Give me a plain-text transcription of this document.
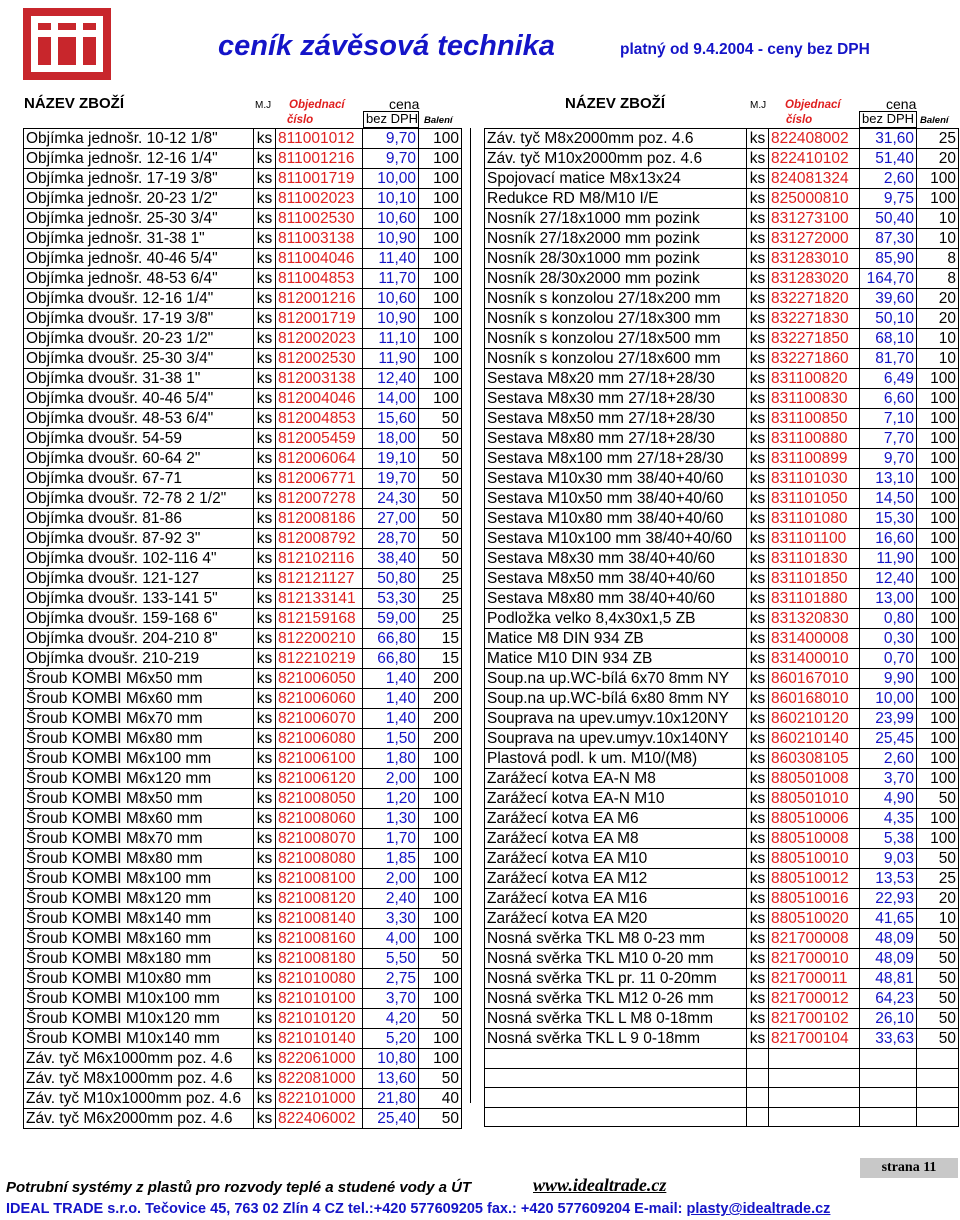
ceník závěsová technika	platný od 9.4.2004 - ceny bez DPH
NÁZEV ZBOŽÍ	M.J Objednací	cena
číslo	bez DPH Balení
NÁZEV ZBOŽÍ	M.J Objednací	cena
číslo	bez DPH Balení
Objímka jednošr. 10-12 1/8"	ks	811001012	9,70	100
Objímka jednošr. 12-16 1/4"	ks	811001216	9,70	100
Objímka jednošr. 17-19 3/8"	ks	811001719	10,00	100
Objímka jednošr. 20-23 1/2"	ks	811002023	10,10	100
Objímka jednošr. 25-30 3/4"	ks	811002530	10,60	100
Objímka jednošr. 31-38 1"	ks	811003138	10,90	100
Objímka jednošr. 40-46 5/4"	ks	811004046	11,40	100
Objímka jednošr. 48-53 6/4"	ks	811004853	11,70	100
Objímka dvoušr. 12-16 1/4"	ks	812001216	10,60	100
Objímka dvoušr. 17-19 3/8"	ks	812001719	10,90	100
Objímka dvoušr. 20-23 1/2"	ks	812002023	11,10	100
Objímka dvoušr. 25-30 3/4"	ks	812002530	11,90	100
Objímka dvoušr. 31-38 1"	ks	812003138	12,40	100
Objímka dvoušr. 40-46 5/4"	ks	812004046	14,00	100
Objímka dvoušr. 48-53 6/4"	ks	812004853	15,60	50
Objímka dvoušr. 54-59	ks	812005459	18,00	50
Objímka dvoušr. 60-64 2"	ks	812006064	19,10	50
Objímka dvoušr. 67-71	ks	812006771	19,70	50
Objímka dvoušr. 72-78 2 1/2"	ks	812007278	24,30	50
Objímka dvoušr. 81-86	ks	812008186	27,00	50
Objímka dvoušr. 87-92 3"	ks	812008792	28,70	50
Objímka dvoušr. 102-116 4"	ks	812102116	38,40	50
Objímka dvoušr. 121-127	ks	812121127	50,80	25
Objímka dvoušr. 133-141 5"	ks	812133141	53,30	25
Objímka dvoušr. 159-168 6"	ks	812159168	59,00	25
Objímka dvoušr. 204-210 8"	ks	812200210	66,80	15
Objímka dvoušr. 210-219	ks	812210219	66,80	15
Šroub KOMBI M6x50 mm	ks	821006050	1,40	200
Šroub KOMBI M6x60 mm	ks	821006060	1,40	200
Šroub KOMBI M6x70 mm	ks	821006070	1,40	200
Šroub KOMBI M6x80 mm	ks	821006080	1,50	200
Šroub KOMBI M6x100 mm	ks	821006100	1,80	100
Šroub KOMBI M6x120 mm	ks	821006120	2,00	100
Šroub KOMBI M8x50 mm	ks	821008050	1,20	100
Šroub KOMBI M8x60 mm	ks	821008060	1,30	100
Šroub KOMBI M8x70 mm	ks	821008070	1,70	100
Šroub KOMBI M8x80 mm	ks	821008080	1,85	100
Šroub KOMBI M8x100 mm	ks	821008100	2,00	100
Šroub KOMBI M8x120 mm	ks	821008120	2,40	100
Šroub KOMBI M8x140 mm	ks	821008140	3,30	100
Šroub KOMBI M8x160 mm	ks	821008160	4,00	100
Šroub KOMBI M8x180 mm	ks	821008180	5,50	50
Šroub KOMBI M10x80 mm	ks	821010080	2,75	100
Šroub KOMBI M10x100 mm	ks	821010100	3,70	100
Šroub KOMBI M10x120 mm	ks	821010120	4,20	50
Šroub KOMBI M10x140 mm	ks	821010140	5,20	100
Záv. tyč M6x1000mm poz. 4.6	ks	822061000	10,80	100
Záv. tyč M8x1000mm poz. 4.6	ks	822081000	13,60	50
Záv. tyč M10x1000mm poz. 4.6	ks	822101000	21,80	40
Záv. tyč M6x2000mm poz. 4.6	ks	822406002	25,40	50

Záv. tyč M8x2000mm poz. 4.6	ks	822408002	31,60	25
Záv. tyč M10x2000mm poz. 4.6	ks	822410102	51,40	20
Spojovací matice M8x13x24	ks	824081324	2,60	100
Redukce RD M8/M10 I/E	ks	825000810	9,75	100
Nosník 27/18x1000 mm pozink	ks	831273100	50,40	10
Nosník 27/18x2000 mm pozink	ks	831272000	87,30	10
Nosník 28/30x1000 mm pozink	ks	831283010	85,90	8
Nosník 28/30x2000 mm pozink	ks	831283020	164,70	8
Nosník s konzolou 27/18x200 mm	ks	832271820	39,60	20
Nosník s konzolou 27/18x300 mm	ks	832271830	50,10	20
Nosník s konzolou 27/18x500 mm	ks	832271850	68,10	10
Nosník s konzolou 27/18x600 mm	ks	832271860	81,70	10
Sestava M8x20 mm 27/18+28/30	ks	831100820	6,49	100
Sestava M8x30 mm 27/18+28/30	ks	831100830	6,60	100
Sestava M8x50 mm 27/18+28/30	ks	831100850	7,10	100
Sestava M8x80 mm 27/18+28/30	ks	831100880	7,70	100
Sestava M8x100 mm 27/18+28/30	ks	831100899	9,70	100
Sestava M10x30 mm 38/40+40/60	ks	831101030	13,10	100
Sestava M10x50 mm 38/40+40/60	ks	831101050	14,50	100
Sestava M10x80 mm 38/40+40/60	ks	831101080	15,30	100
Sestava M10x100 mm 38/40+40/60	ks	831101100	16,60	100
Sestava M8x30 mm 38/40+40/60	ks	831101830	11,90	100
Sestava M8x50 mm 38/40+40/60	ks	831101850	12,40	100
Sestava M8x80 mm 38/40+40/60	ks	831101880	13,00	100
Podložka velko 8,4x30x1,5 ZB	ks	831320830	0,80	100
Matice M8 DIN 934 ZB	ks	831400008	0,30	100
Matice M10 DIN 934 ZB	ks	831400010	0,70	100
Soup.na up.WC-bílá 6x70 8mm NY	ks	860167010	9,90	100
Soup.na up.WC-bílá 6x80 8mm NY	ks	860168010	10,00	100
Souprava na upev.umyv.10x120NY	ks	860210120	23,99	100
Souprava na upev.umyv.10x140NY	ks	860210140	25,45	100
Plastová podl. k um. M10/(M8)	ks	860308105	2,60	100
Zarážecí kotva EA-N M8	ks	880501008	3,70	100
Zarážecí kotva EA-N M10	ks	880501010	4,90	50
Zarážecí kotva EA M6	ks	880510006	4,35	100
Zarážecí kotva EA M8	ks	880510008	5,38	100
Zarážecí kotva EA M10	ks	880510010	9,03	50
Zarážecí kotva EA M12	ks	880510012	13,53	25
Zarážecí kotva EA M16	ks	880510016	22,93	20
Zarážecí kotva EA M20	ks	880510020	41,65	10
Nosná svěrka TKL M8 0-23 mm	ks	821700008	48,09	50
Nosná svěrka TKL M10 0-20 mm	ks	821700010	48,09	50
Nosná svěrka TKL pr. 11 0-20mm	ks	821700011	48,81	50
Nosná svěrka TKL M12 0-26 mm	ks	821700012	64,23	50
Nosná svěrka TKL L M8 0-18mm	ks	821700102	26,10	50
Nosná svěrka TKL L 9 0-18mm	ks	821700104	33,63	50

strana 11
Potrubní systémy z plastů pro rozvody teplé a studené vody a ÚT	www.idealtrade.cz
IDEAL TRADE s.r.o. Tečovice 45, 763 02 Zlín 4 CZ tel.:+420 577609205 fax.: +420 577609204 E-mail: plasty@idealtrade.cz
